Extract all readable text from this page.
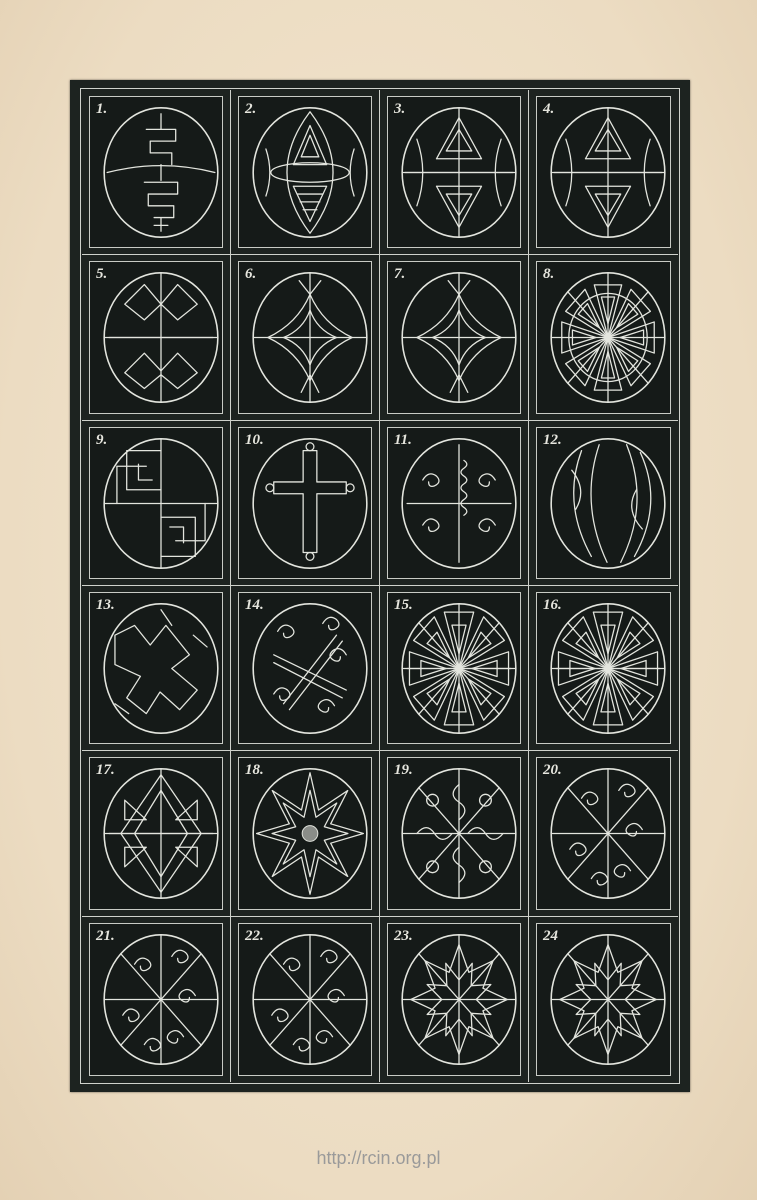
1.	2.	3.	4.
5.	6.	7.	8.
9.	10.	11.	12.
13.	14.	15.	16.
17.	18.	19.	20.
21.	22.	23.	24
http://rcin.org.pl
